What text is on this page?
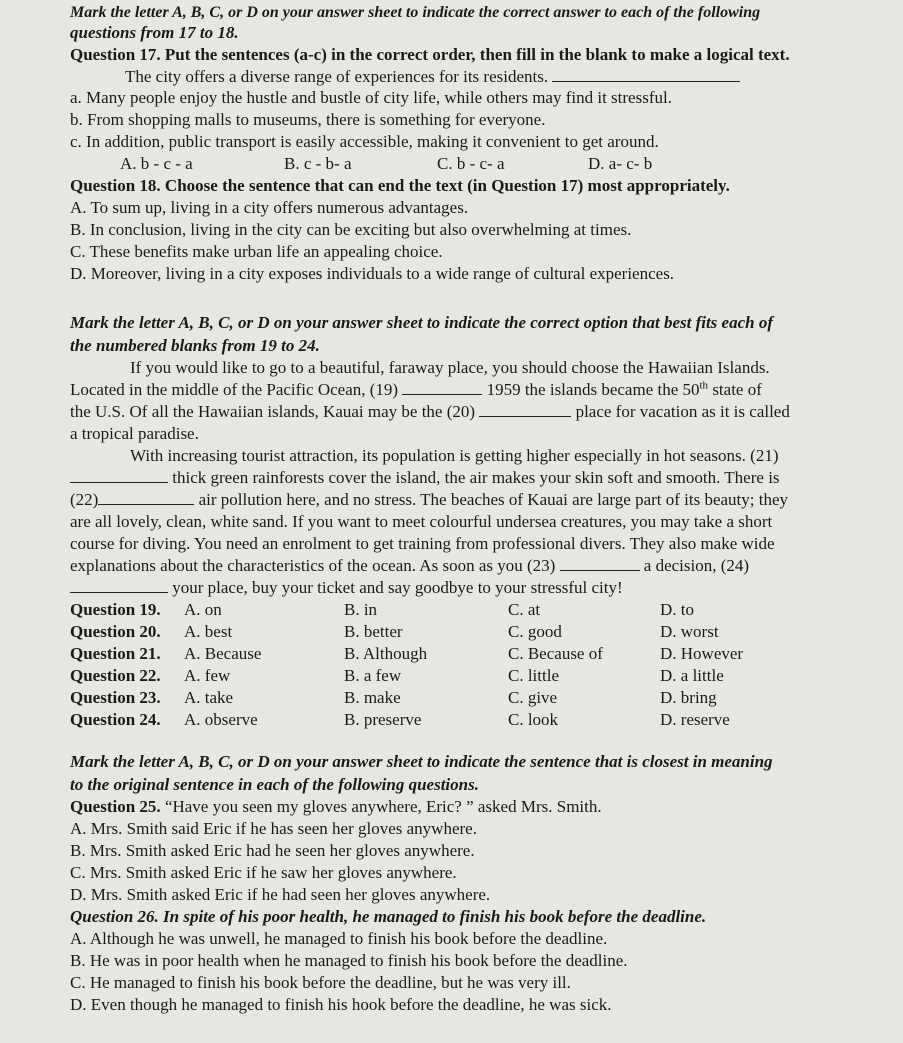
Mark the letter A, B, C, or D on your answer sheet to indicate the correct answer to each of the following
questions from 17 to 18.
Question 17. Put the sentences (a-c) in the correct order, then fill in the blank to make a logical text.
The city offers a diverse range of experiences for its residents.
a. Many people enjoy the hustle and bustle of city life, while others may find it stressful.
b. From shopping malls to museums, there is something for everyone.
c. In addition, public transport is easily accessible, making it convenient to get around.
A. b - c - a	B. c - b- a	C. b - c- a	D. a- c- b
Question 18. Choose the sentence that can end the text (in Question 17) most appropriately.
A. To sum up, living in a city offers numerous advantages.
B. In conclusion, living in the city can be exciting but also overwhelming at times.
C. These benefits make urban life an appealing choice.
D. Moreover, living in a city exposes individuals to a wide range of cultural experiences.
Mark the letter A, B, C, or D on your answer sheet to indicate the correct option that best fits each of
the numbered blanks from 19 to 24.
If you would like to go to a beautiful, faraway place, you should choose the Hawaiian Islands.
Located in the middle of the Pacific Ocean, (19)	1959 the islands became the 50th state of
the U.S. Of all the Hawaiian islands, Kauai may be the (20)	place for vacation as it is called
a tropical paradise.
With increasing tourist attraction, its population is getting higher especially in hot seasons. (21)
thick green rainforests cover the island, the air makes your skin soft and smooth. There is
(22)	air pollution here, and no stress. The beaches of Kauai are large part of its beauty; they
are all lovely, clean, white sand. If you want to meet colourful undersea creatures, you may take a short
course for diving. You need an enrolment to get training from professional divers. They also make wide
explanations about the characteristics of the ocean. As soon as you (23)	a decision, (24)
your place, buy your ticket and say goodbye to your stressful city!
Question 19. A. on	B. in	C. at	D. to
Question 20. A. best	B. better	C. good	D. worst
Question 21. A. Because	B. Although	C. Because of	D. However
Question 22. A. few	B. a few	C. little	D. a little
Question 23. A. take	B. make	C. give	D. bring
Question 24. A. observe	B. preserve	C. look	D. reserve
Mark the letter A, B, C, or D on your answer sheet to indicate the sentence that is closest in meaning
to the original sentence in each of the following questions.
Question 25. “Have you seen my gloves anywhere, Eric? ” asked Mrs. Smith.
A. Mrs. Smith said Eric if he has seen her gloves anywhere.
B. Mrs. Smith asked Eric had he seen her gloves anywhere.
C. Mrs. Smith asked Eric if he saw her gloves anywhere.
D. Mrs. Smith asked Eric if he had seen her gloves anywhere.
Question 26. In spite of his poor health, he managed to finish his book before the deadline.
A. Although he was unwell, he managed to finish his book before the deadline.
B. He was in poor health when he managed to finish his book before the deadline.
C. He managed to finish his book before the deadline, but he was very ill.
D. Even though he managed to finish his hook before the deadline, he was sick.
